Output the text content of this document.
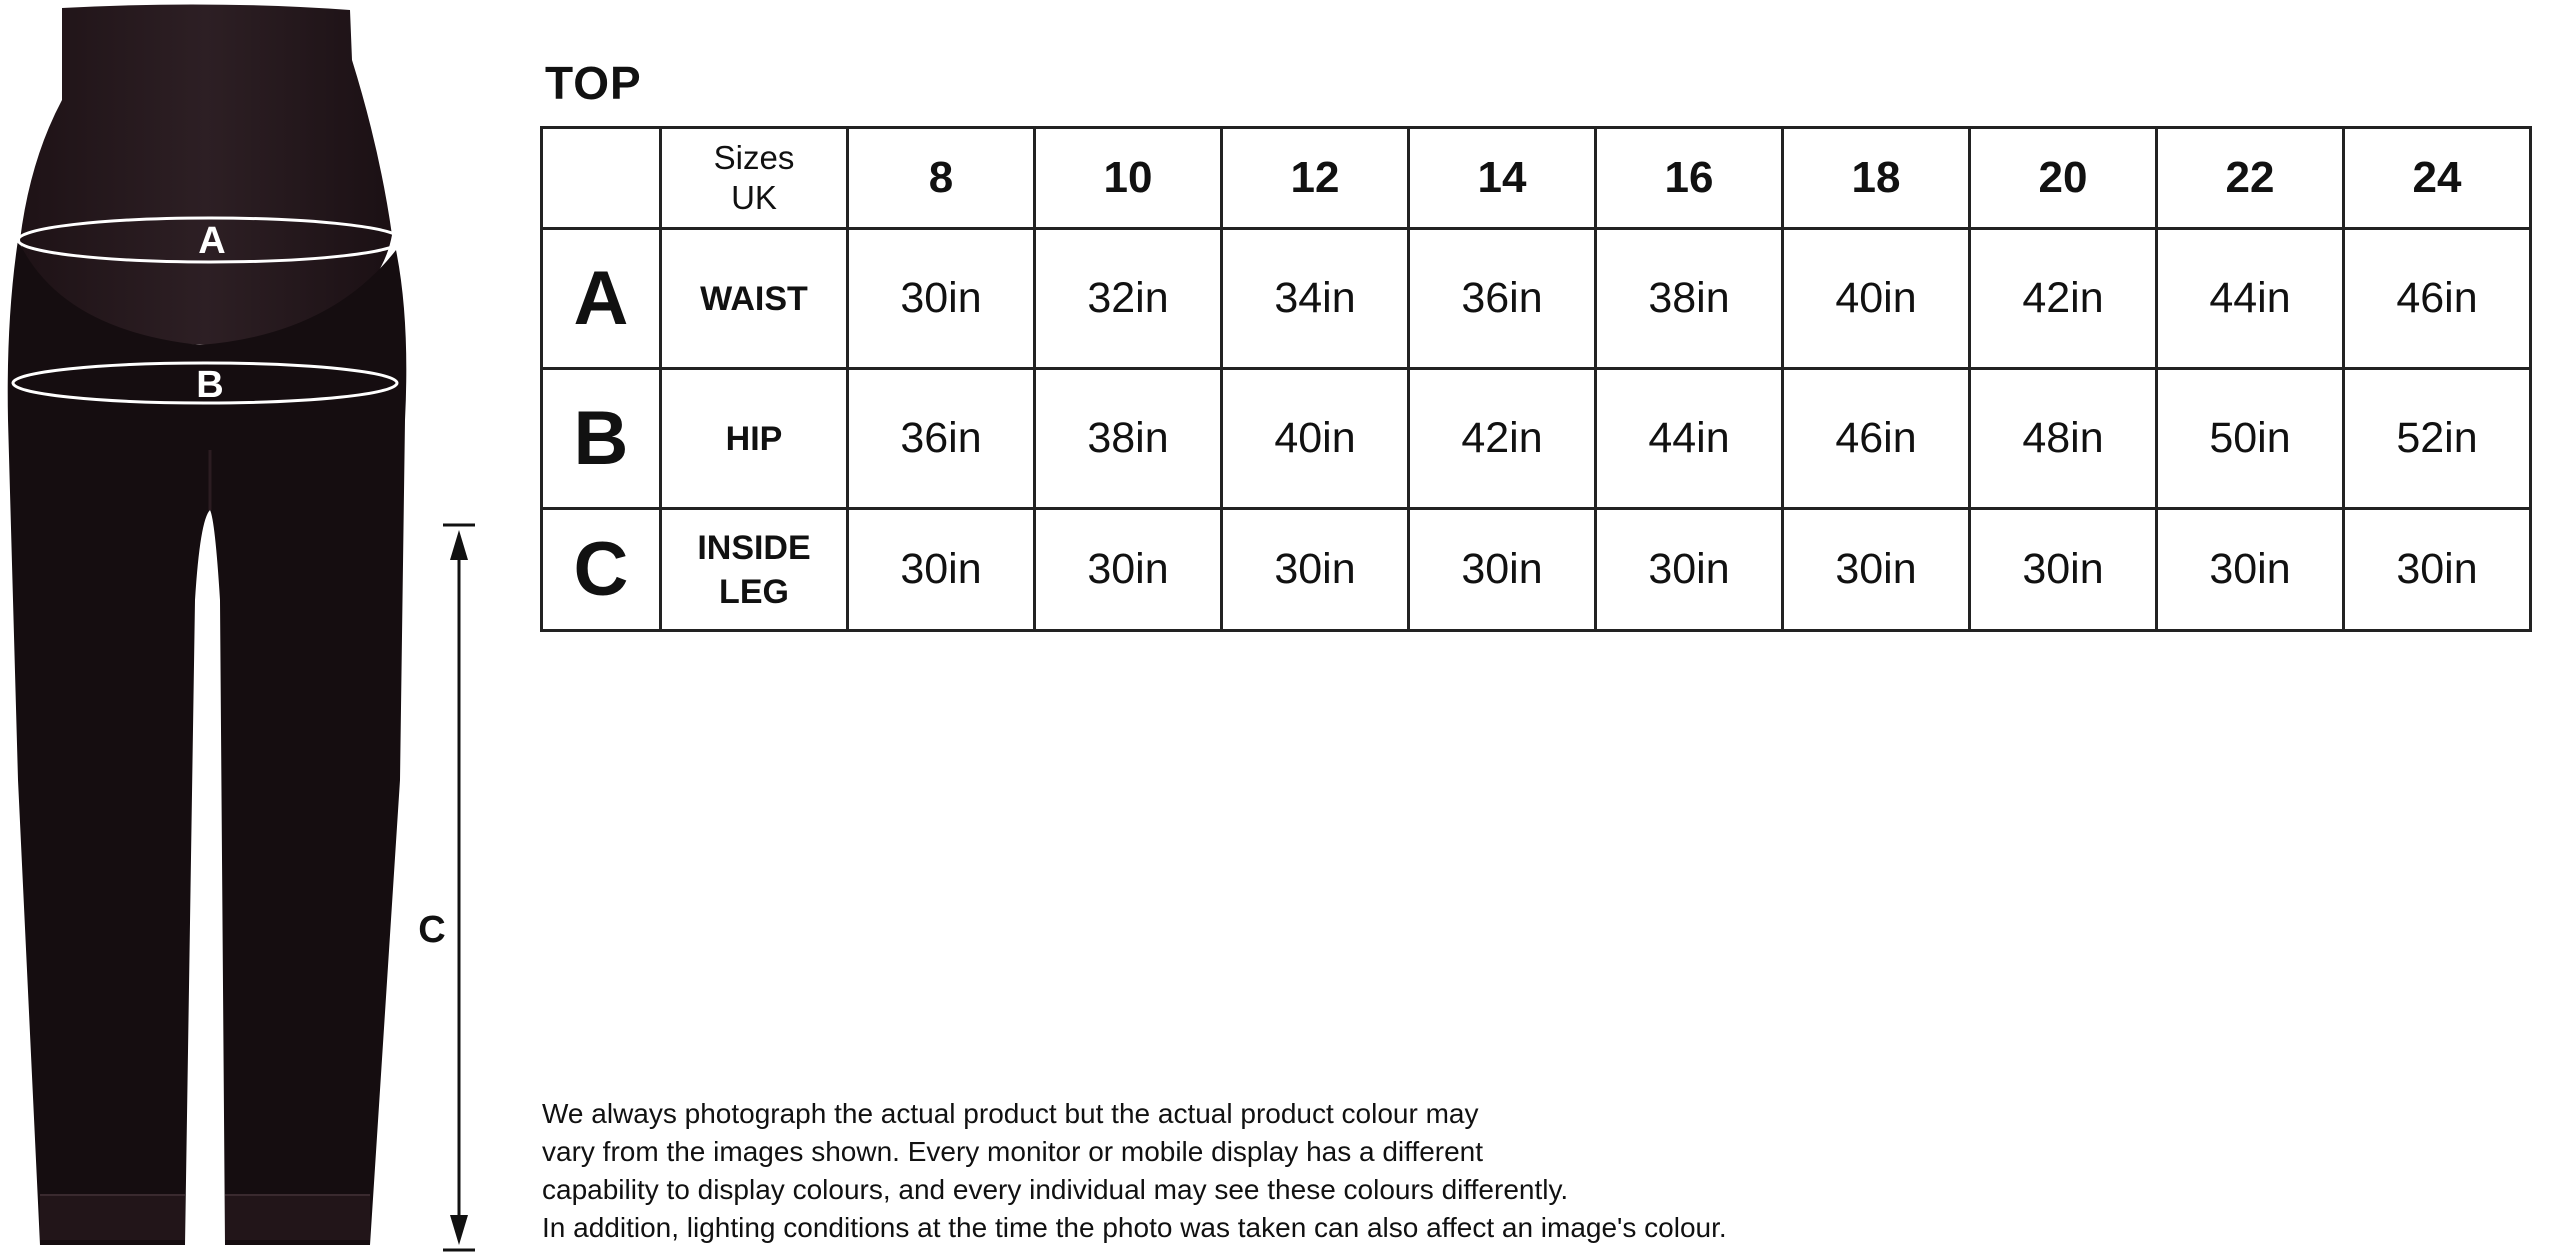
A
B
C
TOP

	Sizes
UK	8	10	12	14	16	18	20	22	24
A	WAIST	30in	32in	34in	36in	38in	40in	42in	44in	46in
B	HIP	36in	38in	40in	42in	44in	46in	48in	50in	52in
C	INSIDE
LEG	30in	30in	30in	30in	30in	30in	30in	30in	30in
We always photograph the actual product but the actual product colour may
vary from the images shown. Every monitor or mobile display has a different
capability to display colours, and every individual may see these colours differently.
In addition, lighting conditions at the time the photo was taken can also affect an image's colour.
